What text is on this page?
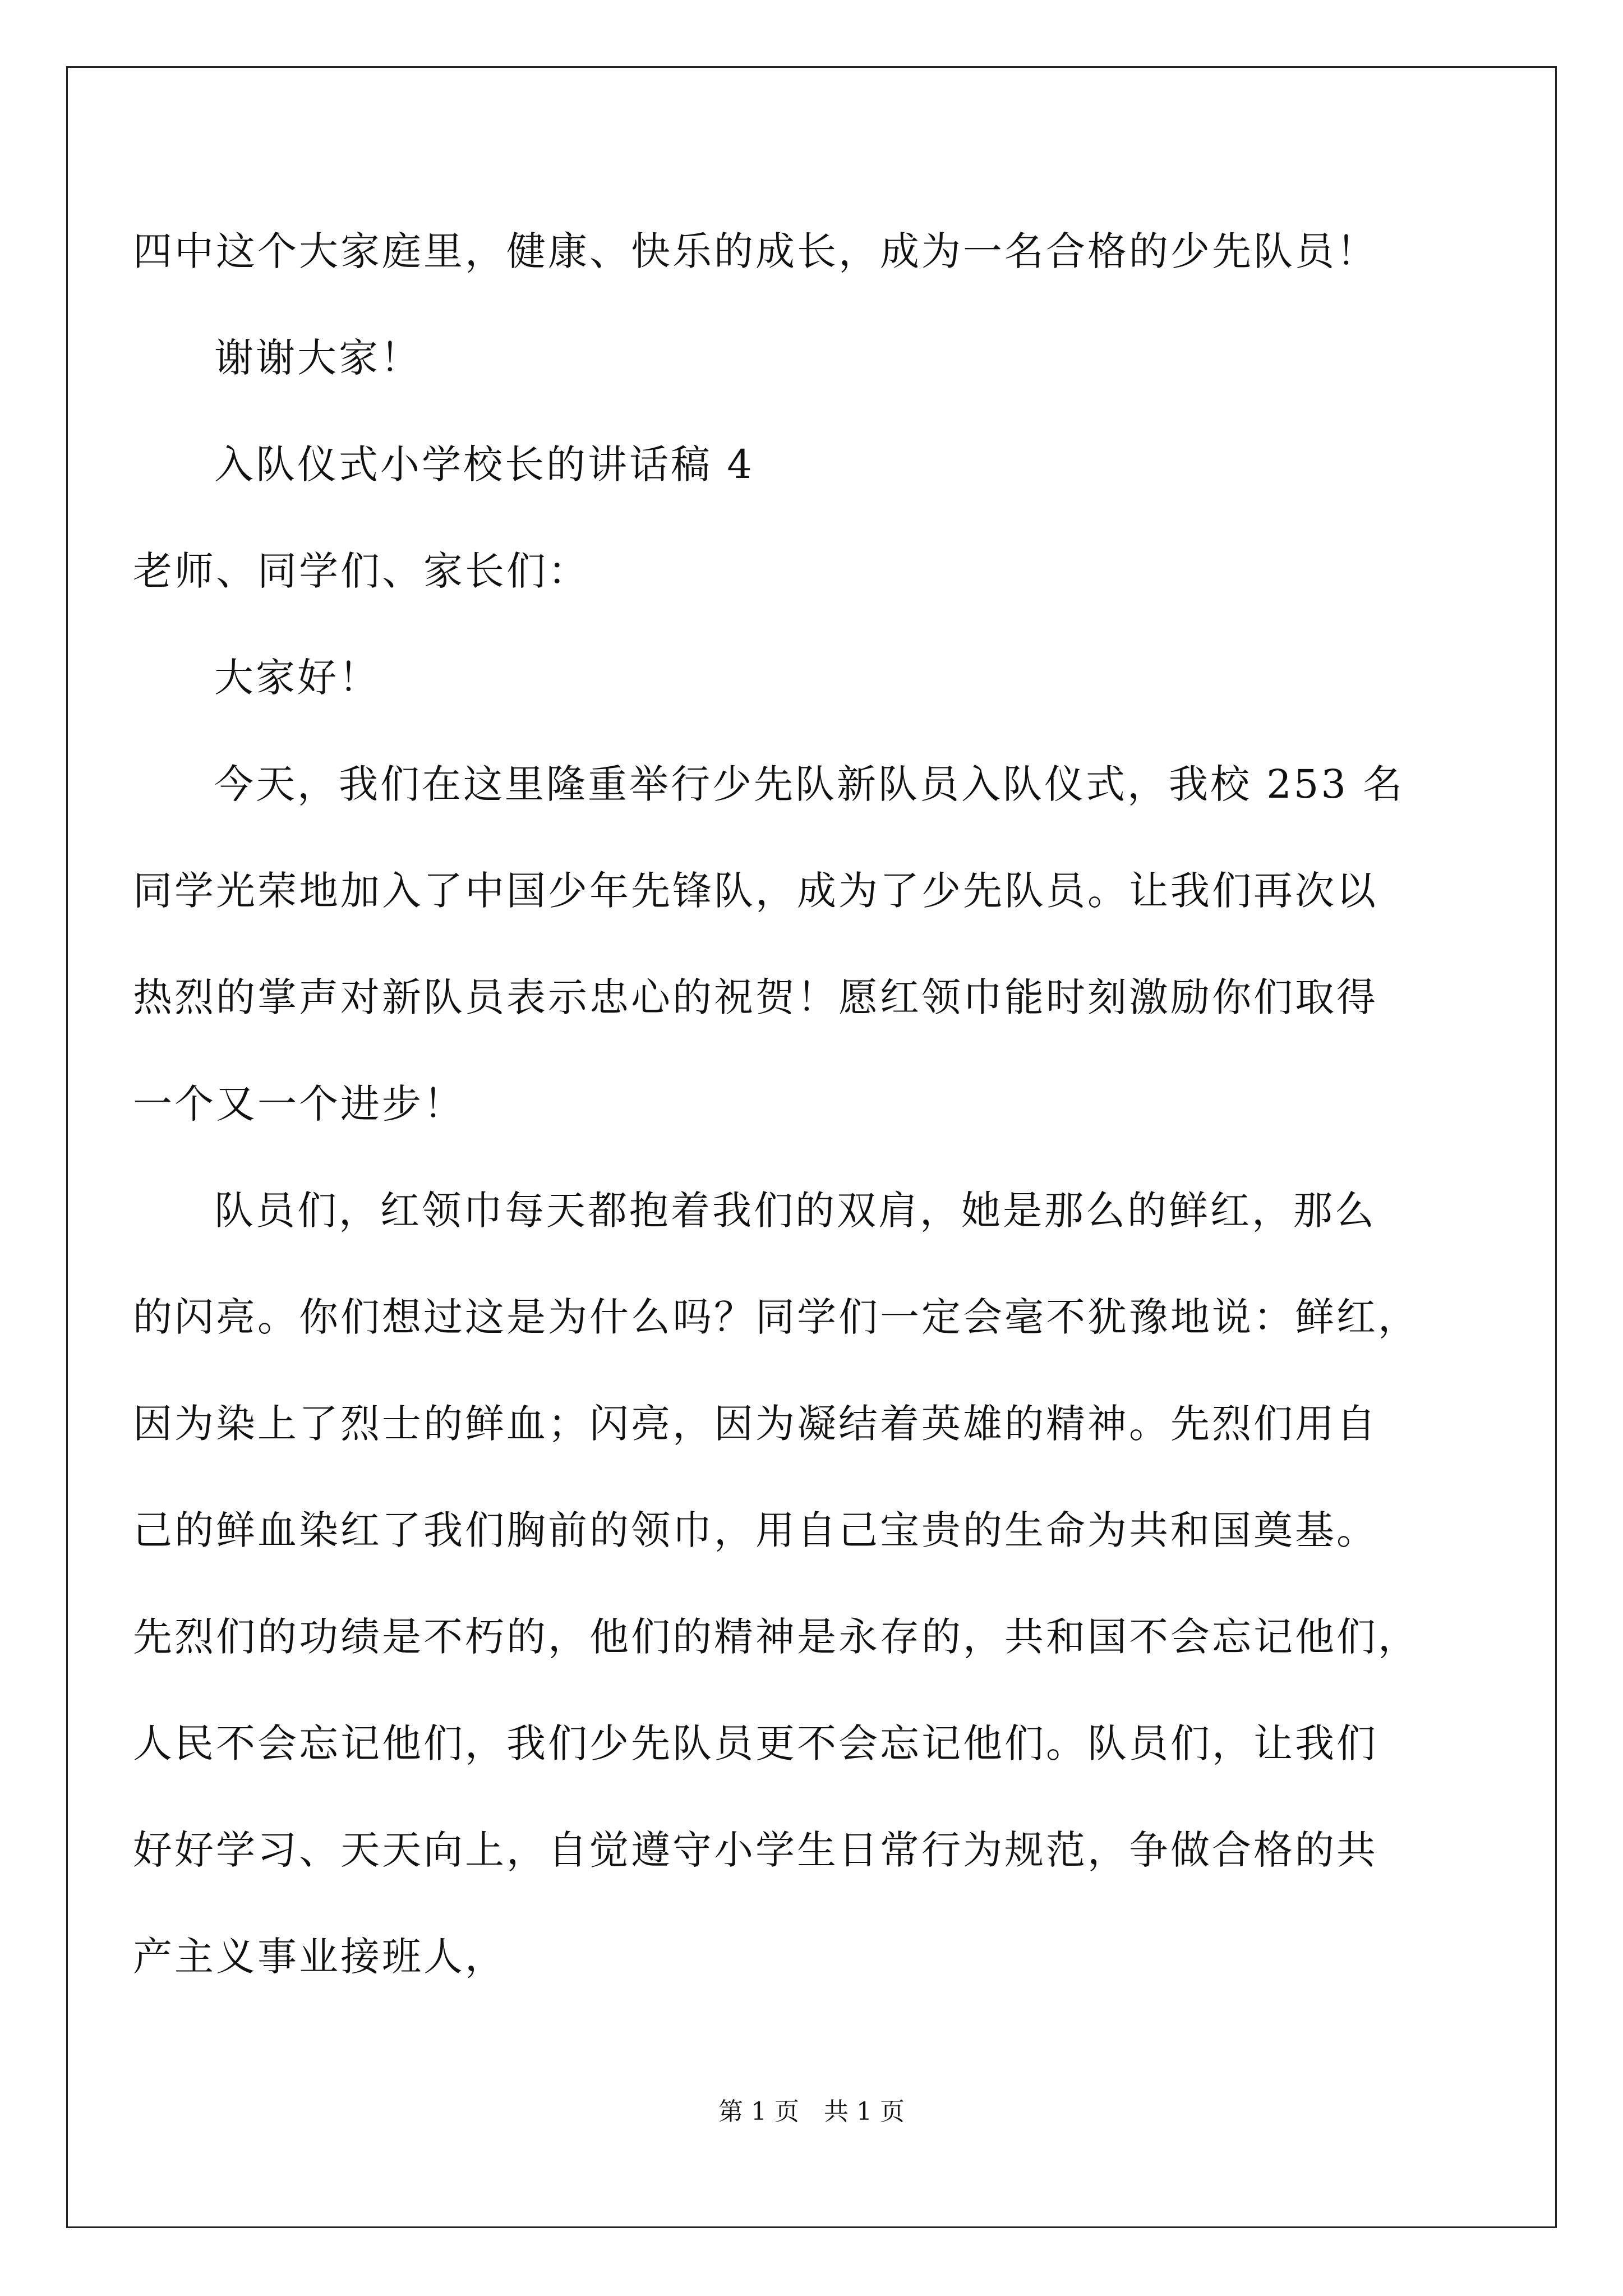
四中这个大家庭里，健康、快乐的成长，成为一名合格的少先队员！
谢谢大家！
入队仪式小学校长的讲话稿 4
老师、同学们、家长们：
大家好！
今天，我们在这里隆重举行少先队新队员入队仪式，我校 253 名
同学光荣地加入了中国少年先锋队，成为了少先队员。让我们再次以
热烈的掌声对新队员表示忠心的祝贺！愿红领巾能时刻激励你们取得
一个又一个进步！
队员们，红领巾每天都抱着我们的双肩，她是那么的鲜红，那么
的闪亮。你们想过这是为什么吗？同学们一定会毫不犹豫地说：鲜红，
因为染上了烈士的鲜血；闪亮，因为凝结着英雄的精神。先烈们用自
己的鲜血染红了我们胸前的领巾，用自己宝贵的生命为共和国奠基。
先烈们的功绩是不朽的，他们的精神是永存的，共和国不会忘记他们，
人民不会忘记他们，我们少先队员更不会忘记他们。队员们，让我们
好好学习、天天向上，自觉遵守小学生日常行为规范，争做合格的共
产主义事业接班人，
第 1 页　共 1 页
